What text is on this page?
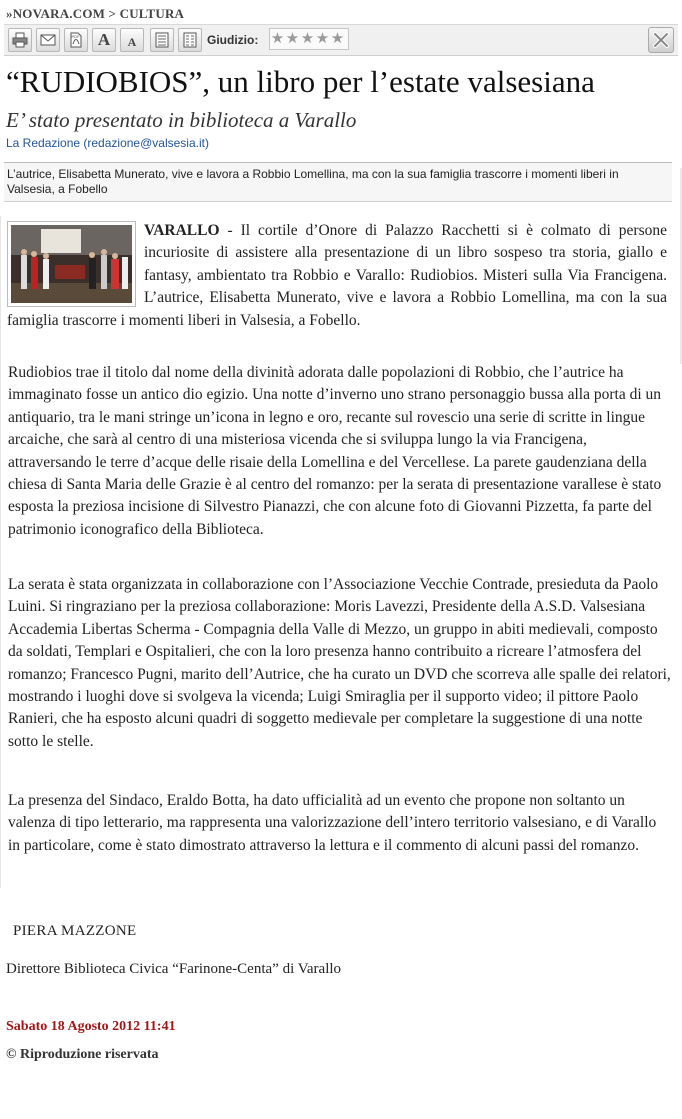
»NOVARA.COM > CULTURA
PDF A	A	Giudizio: ★ ★ ★ ★ ★
“RUDIOBIOS”, un libro per l’estate valsesiana
E’ stato presentato in biblioteca a Varallo
La Redazione (redazione@valsesia.it)
L’autrice, Elisabetta Munerato, vive e lavora a Robbio Lomellina, ma con la sua famiglia trascorre i momenti liberi in Valsesia, a Fobello

VARALLO - Il cortile d’Onore di Palazzo Racchetti si è colmato di persone incuriosite di assistere alla presentazione di un libro sospeso tra storia, giallo e fantasy, ambientato tra Robbio e Varallo: Rudiobios. Misteri sulla Via Francigena. L’autrice, Elisabetta Munerato, vive e lavora a Robbio Lomellina, ma con la sua famiglia trascorre i momenti liberi in Valsesia, a Fobello.

Rudiobios trae il titolo dal nome della divinità adorata dalle popolazioni di Robbio, che l’autrice ha immaginato fosse un antico dio egizio. Una notte d’inverno uno strano personaggio bussa alla porta di un antiquario, tra le mani stringe un’icona in legno e oro, recante sul rovescio una serie di scritte in lingue arcaiche, che sarà al centro di una misteriosa vicenda che si sviluppa lungo la via Francigena, attraversando le terre d’acque delle risaie della Lomellina e del Vercellese. La parete gaudenziana della chiesa di Santa Maria delle Grazie è al centro del romanzo: per la serata di presentazione varallese è stato esposta la preziosa incisione di Silvestro Pianazzi, che con alcune foto di Giovanni Pizzetta, fa parte del patrimonio iconografico della Biblioteca.

La serata è stata organizzata in collaborazione con l’Associazione Vecchie Contrade, presieduta da Paolo Luini. Si ringraziano per la preziosa collaborazione: Moris Lavezzi, Presidente della A.S.D. Valsesiana Accademia Libertas Scherma - Compagnia della Valle di Mezzo, un gruppo in abiti medievali, composto da soldati, Templari e Ospitalieri, che con la loro presenza hanno contribuito a ricreare l’atmosfera del romanzo; Francesco Pugni, marito dell’Autrice, che ha curato un DVD che scorreva alle spalle dei relatori, mostrando i luoghi dove si svolgeva la vicenda; Luigi Smiraglia per il supporto video; il pittore Paolo Ranieri, che ha esposto alcuni quadri di soggetto medievale per completare la suggestione di una notte sotto le stelle.

La presenza del Sindaco, Eraldo Botta, ha dato ufficialità ad un evento che propone non soltanto un valenza di tipo letterario, ma rappresenta una valorizzazione dell’intero territorio valsesiano, e di Varallo in particolare, come è stato dimostrato attraverso la lettura e il commento di alcuni passi del romanzo.

PIERA MAZZONE
Direttore Biblioteca Civica “Farinone-Centa” di Varallo
Sabato 18 Agosto 2012 11:41
© Riproduzione riservata
